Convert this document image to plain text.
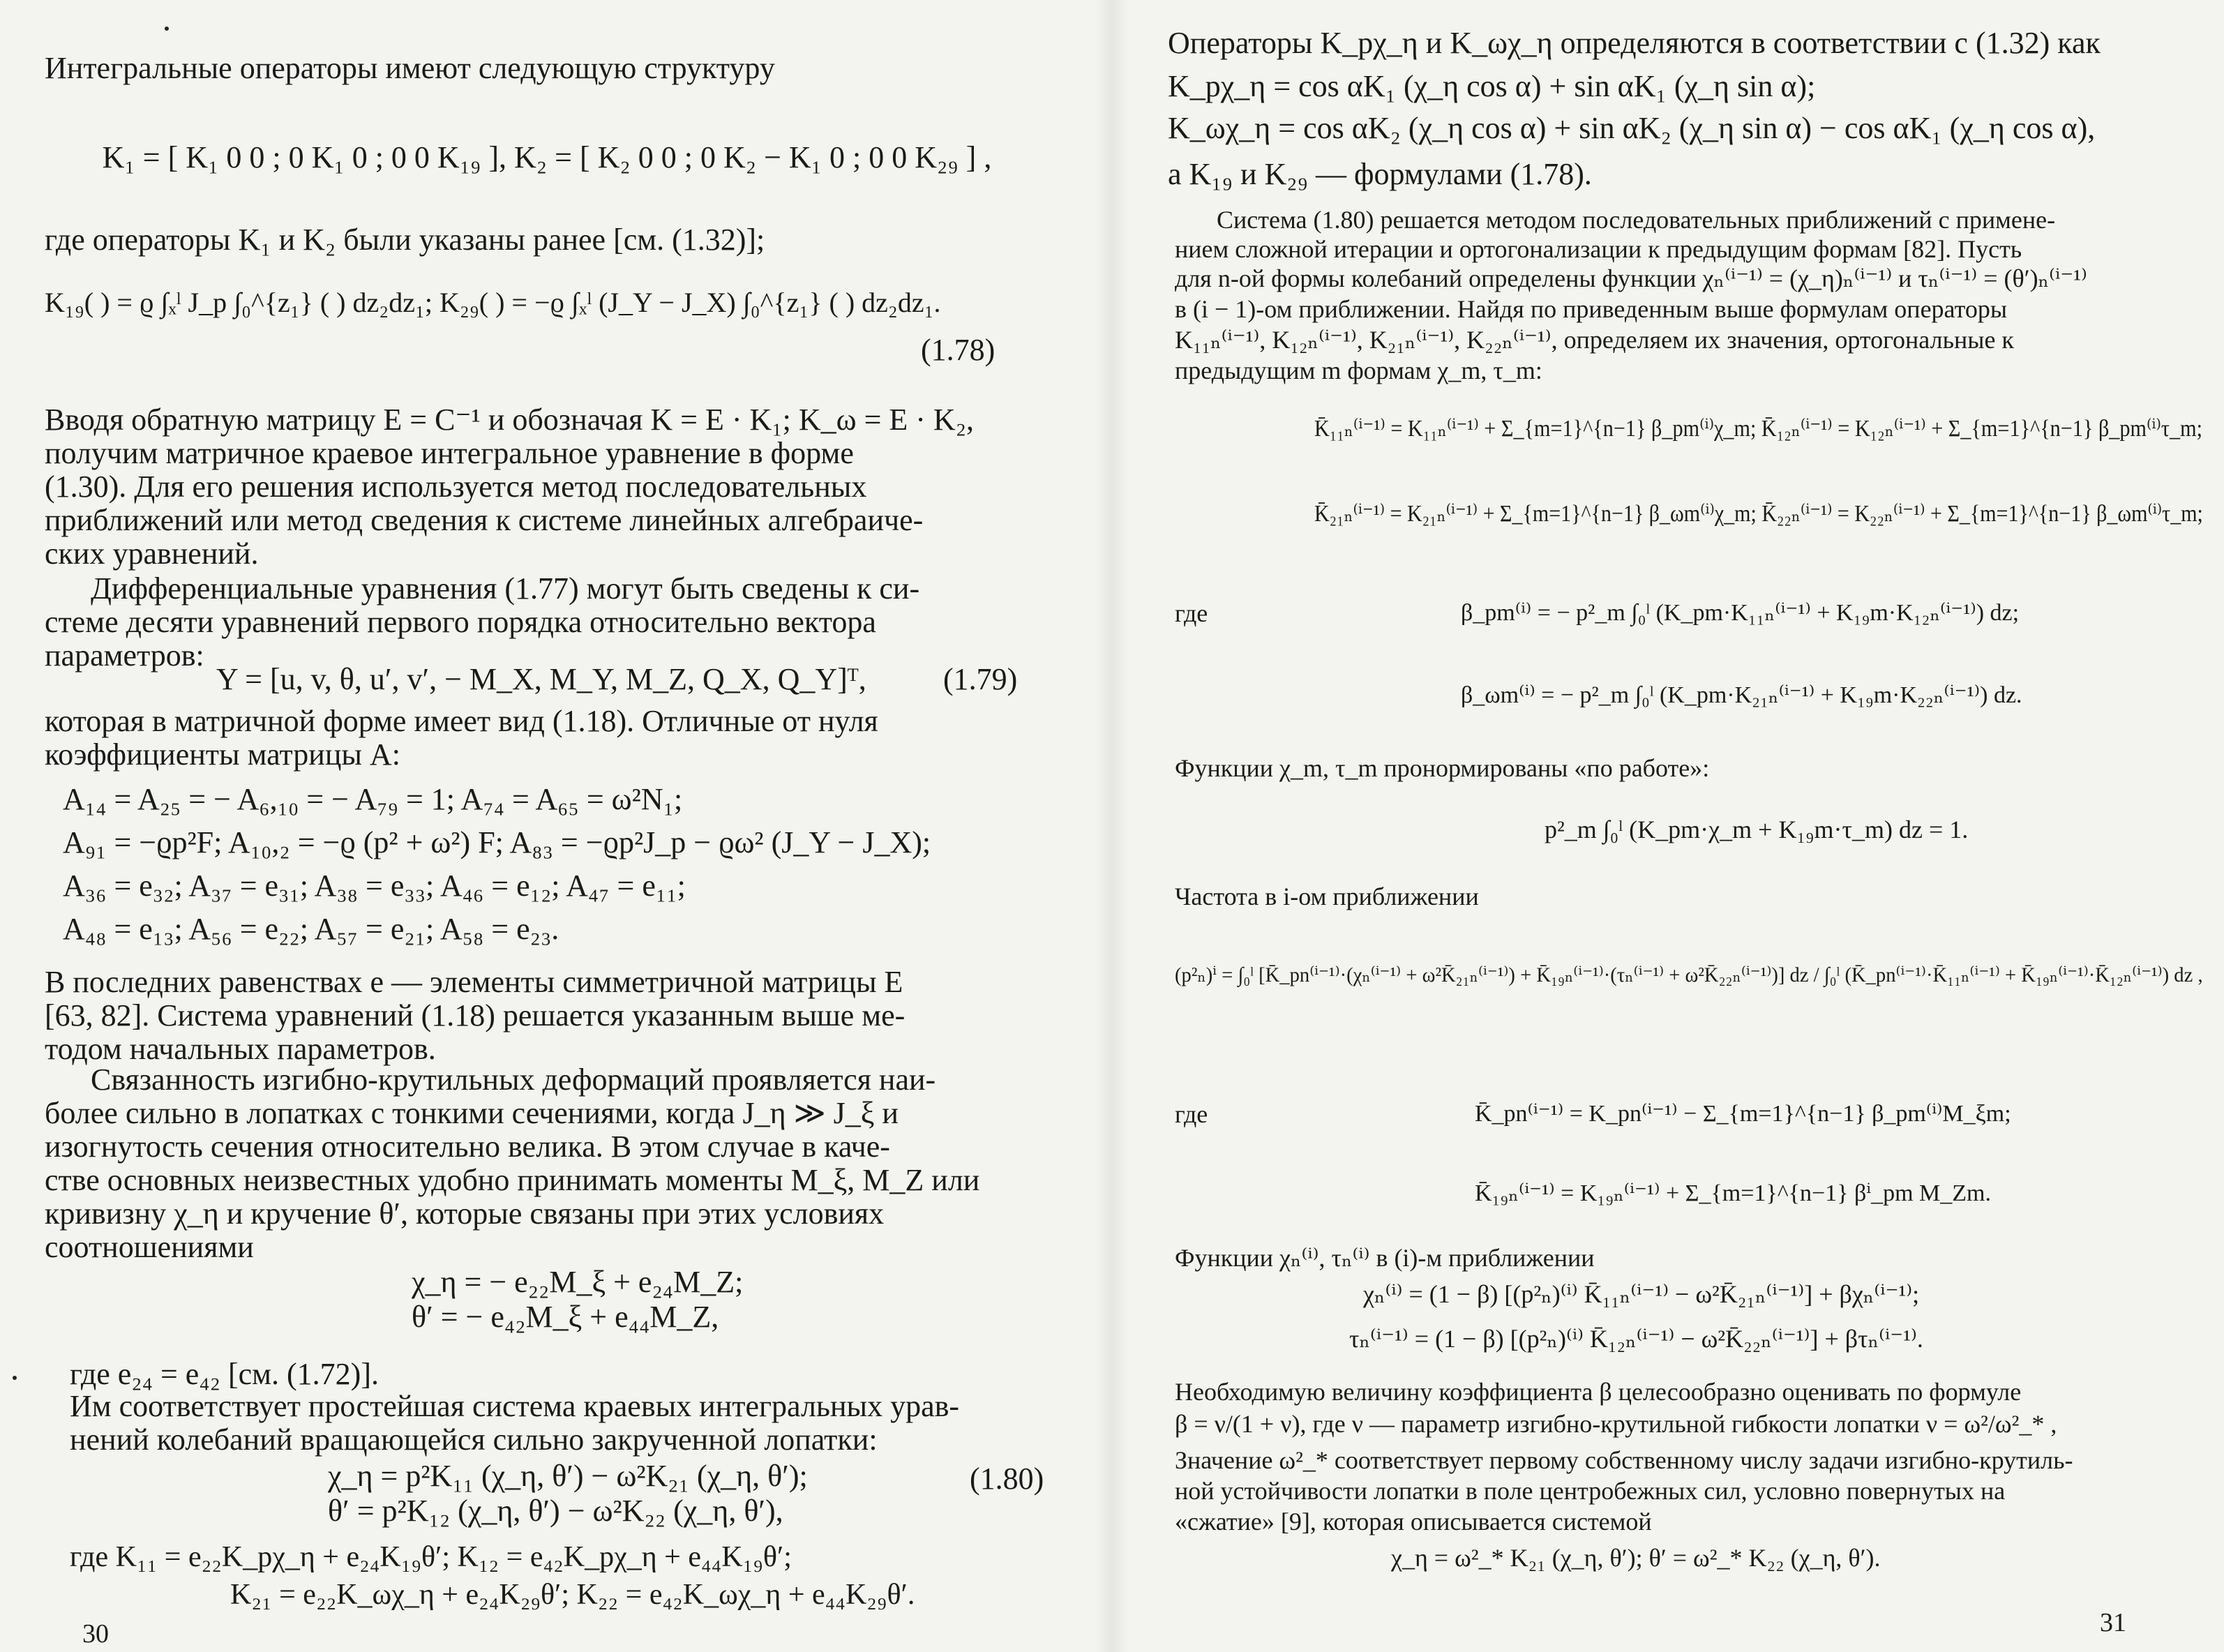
Интегральные операторы имеют следующую структуру
K₁ = [ K₁ 0 0 ; 0 K₁ 0 ; 0 0 K₁₉ ], K₂ = [ K₂ 0 0 ; 0 K₂ − K₁ 0 ; 0 0 K₂₉ ] ,
где операторы K₁ и K₂ были указаны ранее [см. (1.32)];
K₁₉( ) = ϱ ∫ₓˡ J_p ∫₀^{z₁} ( ) dz₂dz₁; K₂₉( ) = −ϱ ∫ₓˡ (J_Y − J_X) ∫₀^{z₁} ( ) dz₂dz₁.
(1.78)
Вводя обратную матрицу E = C⁻¹ и обозначая K = E · K₁; K_ω = E · K₂,
получим матричное краевое интегральное уравнение в форме
(1.30). Для его решения используется метод последовательных
приближений или метод сведения к системе линейных алгебраиче-
ских уравнений.
Дифференциальные уравнения (1.77) могут быть сведены к си-
стеме десяти уравнений первого порядка относительно вектора
параметров:
Y = [u, v, θ, u′, v′, − M_X, M_Y, M_Z, Q_X, Q_Y]ᵀ,	(1.79)
которая в матричной форме имеет вид (1.18). Отличные от нуля
коэффициенты матрицы A:
A₁₄ = A₂₅ = − A₆,₁₀ = − A₇₉ = 1; A₇₄ = A₆₅ = ω²N₁;
A₉₁ = −ϱp²F; A₁₀,₂ = −ϱ (p² + ω²) F; A₈₃ = −ϱp²J_p − ϱω² (J_Y − J_X);
A₃₆ = e₃₂; A₃₇ = e₃₁; A₃₈ = e₃₃; A₄₆ = e₁₂; A₄₇ = e₁₁;
A₄₈ = e₁₃; A₅₆ = e₂₂; A₅₇ = e₂₁; A₅₈ = e₂₃.
В последних равенствах e — элементы симметричной матрицы E
[63, 82]. Система уравнений (1.18) решается указанным выше ме-
тодом начальных параметров.
Связанность изгибно-крутильных деформаций проявляется наи-
более сильно в лопатках с тонкими сечениями, когда J_η ≫ J_ξ и
изогнутость сечения относительно велика. В этом случае в каче-
стве основных неизвестных удобно принимать моменты M_ξ, M_Z или
кривизну χ_η и кручение θ′, которые связаны при этих условиях
соотношениями
χ_η = − e₂₂M_ξ + e₂₄M_Z;
θ′ = − e₄₂M_ξ + e₄₄M_Z,
где e₂₄ = e₄₂ [см. (1.72)].
Им соответствует простейшая система краевых интегральных урав-
нений колебаний вращающейся сильно закрученной лопатки:
χ_η = p²K₁₁ (χ_η, θ′) − ω²K₂₁ (χ_η, θ′);	(1.80)
θ′ = p²K₁₂ (χ_η, θ′) − ω²K₂₂ (χ_η, θ′),
где K₁₁ = e₂₂K_pχ_η + e₂₄K₁₉θ′; K₁₂ = e₄₂K_pχ_η + e₄₄K₁₉θ′;
K₂₁ = e₂₂K_ωχ_η + e₂₄K₂₉θ′; K₂₂ = e₄₂K_ωχ_η + e₄₄K₂₉θ′.
30
Операторы K_pχ_η и K_ωχ_η определяются в соответствии с (1.32) как
K_pχ_η = cos αK₁ (χ_η cos α) + sin αK₁ (χ_η sin α);
K_ωχ_η = cos αK₂ (χ_η cos α) + sin αK₂ (χ_η sin α) − cos αK₁ (χ_η cos α),
а K₁₉ и K₂₉ — формулами (1.78).
Система (1.80) решается методом последовательных приближений с примене-
нием сложной итерации и ортогонализации к предыдущим формам [82]. Пусть
для n-ой формы колебаний определены функции χₙ⁽ⁱ⁻¹⁾ = (χ_η)ₙ⁽ⁱ⁻¹⁾ и τₙ⁽ⁱ⁻¹⁾ = (θ′)ₙ⁽ⁱ⁻¹⁾
в (i − 1)-ом приближении. Найдя по приведенным выше формулам операторы
K₁₁ₙ⁽ⁱ⁻¹⁾, K₁₂ₙ⁽ⁱ⁻¹⁾, K₂₁ₙ⁽ⁱ⁻¹⁾, K₂₂ₙ⁽ⁱ⁻¹⁾, определяем их значения, ортогональные к
предыдущим m формам χ_m, τ_m:
K̄₁₁ₙ⁽ⁱ⁻¹⁾ = K₁₁ₙ⁽ⁱ⁻¹⁾ + Σ_{m=1}^{n−1} β_pm⁽ⁱ⁾χ_m; K̄₁₂ₙ⁽ⁱ⁻¹⁾ = K₁₂ₙ⁽ⁱ⁻¹⁾ + Σ_{m=1}^{n−1} β_pm⁽ⁱ⁾τ_m;
K̄₂₁ₙ⁽ⁱ⁻¹⁾ = K₂₁ₙ⁽ⁱ⁻¹⁾ + Σ_{m=1}^{n−1} β_ωm⁽ⁱ⁾χ_m; K̄₂₂ₙ⁽ⁱ⁻¹⁾ = K₂₂ₙ⁽ⁱ⁻¹⁾ + Σ_{m=1}^{n−1} β_ωm⁽ⁱ⁾τ_m;
где	β_pm⁽ⁱ⁾ = − p²_m ∫₀ˡ (K_pm·K₁₁ₙ⁽ⁱ⁻¹⁾ + K₁₉m·K₁₂ₙ⁽ⁱ⁻¹⁾) dz;
β_ωm⁽ⁱ⁾ = − p²_m ∫₀ˡ (K_pm·K₂₁ₙ⁽ⁱ⁻¹⁾ + K₁₉m·K₂₂ₙ⁽ⁱ⁻¹⁾) dz.
Функции χ_m, τ_m пронормированы «по работе»:
p²_m ∫₀ˡ (K_pm·χ_m + K₁₉m·τ_m) dz = 1.
Частота в i-ом приближении
(p²ₙ)ⁱ = ∫₀ˡ [K̄_pn⁽ⁱ⁻¹⁾·(χₙ⁽ⁱ⁻¹⁾ + ω²K̄₂₁ₙ⁽ⁱ⁻¹⁾) + K̄₁₉ₙ⁽ⁱ⁻¹⁾·(τₙ⁽ⁱ⁻¹⁾ + ω²K̄₂₂ₙ⁽ⁱ⁻¹⁾)] dz / ∫₀ˡ (K̄_pn⁽ⁱ⁻¹⁾·K̄₁₁ₙ⁽ⁱ⁻¹⁾ + K̄₁₉ₙ⁽ⁱ⁻¹⁾·K̄₁₂ₙ⁽ⁱ⁻¹⁾) dz ,
где	K̄_pn⁽ⁱ⁻¹⁾ = K_pn⁽ⁱ⁻¹⁾ − Σ_{m=1}^{n−1} β_pm⁽ⁱ⁾M_ξm;
K̄₁₉ₙ⁽ⁱ⁻¹⁾ = K₁₉ₙ⁽ⁱ⁻¹⁾ + Σ_{m=1}^{n−1} βⁱ_pm M_Zm.
Функции χₙ⁽ⁱ⁾, τₙ⁽ⁱ⁾ в (i)-м приближении
χₙ⁽ⁱ⁾ = (1 − β) [(p²ₙ)⁽ⁱ⁾ K̄₁₁ₙ⁽ⁱ⁻¹⁾ − ω²K̄₂₁ₙ⁽ⁱ⁻¹⁾] + βχₙ⁽ⁱ⁻¹⁾;
τₙ⁽ⁱ⁻¹⁾ = (1 − β) [(p²ₙ)⁽ⁱ⁾ K̄₁₂ₙ⁽ⁱ⁻¹⁾ − ω²K̄₂₂ₙ⁽ⁱ⁻¹⁾] + βτₙ⁽ⁱ⁻¹⁾.
Необходимую величину коэффициента β целесообразно оценивать по формуле
β = ν/(1 + ν), где ν — параметр изгибно-крутильной гибкости лопатки ν = ω²/ω²_* ,
Значение ω²_* соответствует первому собственному числу задачи изгибно-крутиль-
ной устойчивости лопатки в поле центробежных сил, условно повернутых на
«сжатие» [9], которая описывается системой
χ_η = ω²_* K₂₁ (χ_η, θ′); θ′ = ω²_* K₂₂ (χ_η, θ′).
31
